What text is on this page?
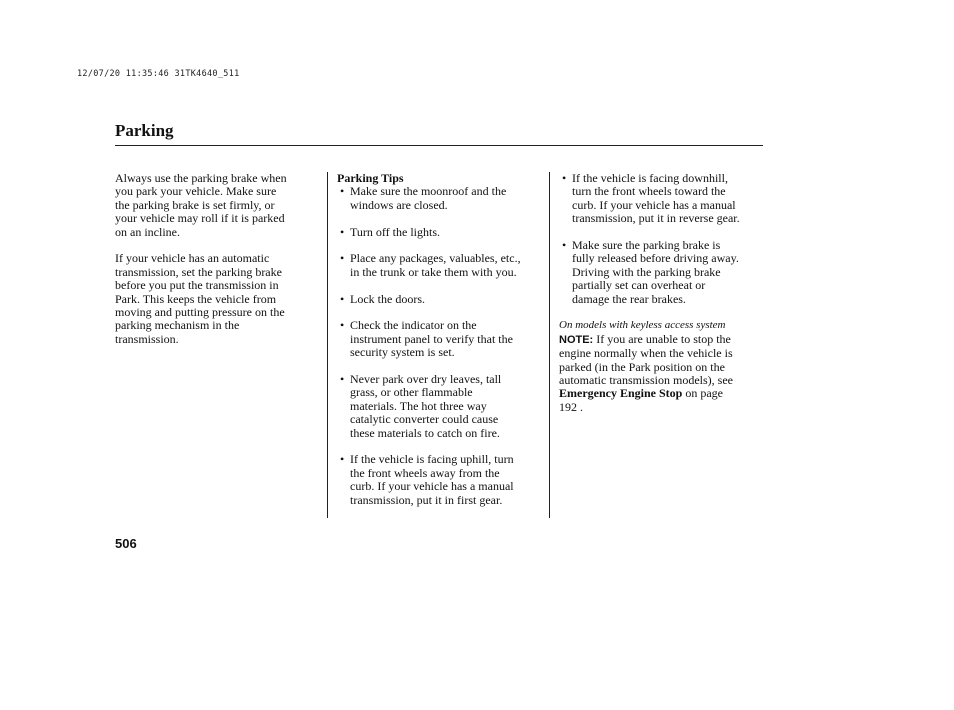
12/07/20 11:35:46 31TK4640_511
Parking

Always use the parking brake when
you park your vehicle. Make sure
the parking brake is set firmly, or
your vehicle may roll if it is parked
on an incline.

If your vehicle has an automatic
transmission, set the parking brake
before you put the transmission in
Park. This keeps the vehicle from
moving and putting pressure on the
parking mechanism in the
transmission.

Parking Tips
• Make sure the moonroof and the
windows are closed.
• Turn off the lights.
• Place any packages, valuables, etc.,
in the trunk or take them with you.
• Lock the doors.
• Check the indicator on the
instrument panel to verify that the
security system is set.
• Never park over dry leaves, tall
grass, or other flammable
materials. The hot three way
catalytic converter could cause
these materials to catch on fire.
• If the vehicle is facing uphill, turn
the front wheels away from the
curb. If your vehicle has a manual
transmission, put it in first gear.
• If the vehicle is facing downhill,
turn the front wheels toward the
curb. If your vehicle has a manual
transmission, put it in reverse gear.
• Make sure the parking brake is
fully released before driving away.
Driving with the parking brake
partially set can overheat or
damage the rear brakes.
On models with keyless access system

NOTE: If you are unable to stop the
engine normally when the vehicle is
parked (in the Park position on the
automatic transmission models), see
Emergency Engine Stop on page
192 .

506
